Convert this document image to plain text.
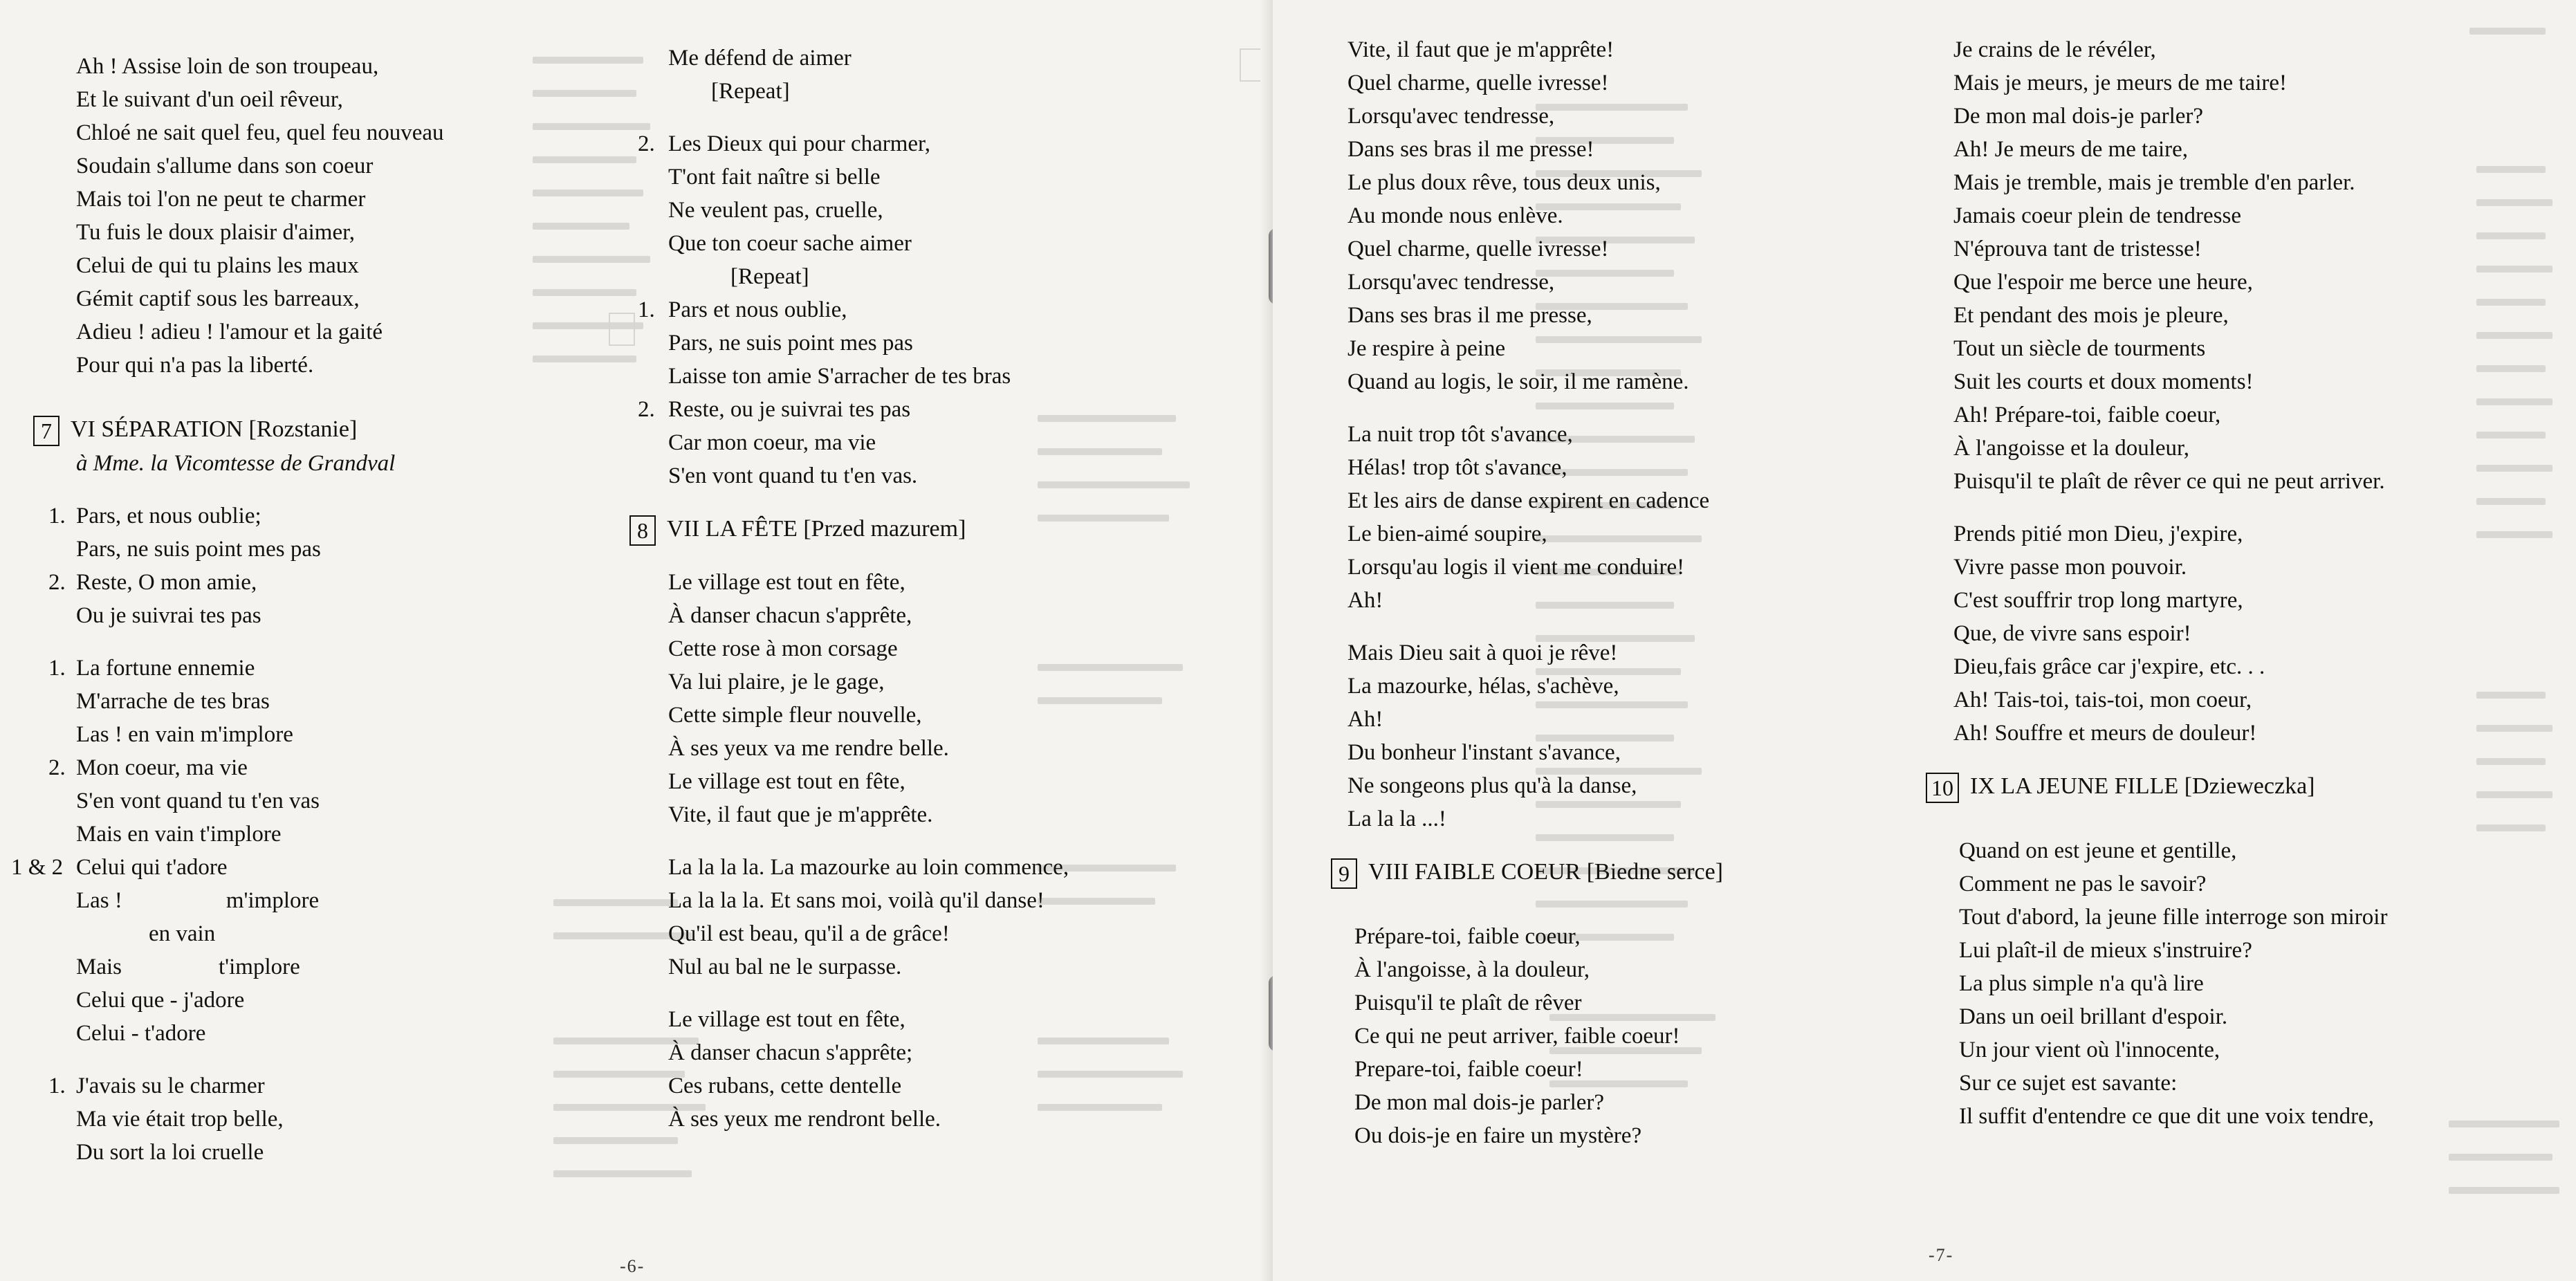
Ah ! Assise loin de son troupeau,
Et le suivant d'un oeil rêveur,
Chloé ne sait quel feu, quel feu nouveau
Soudain s'allume dans son coeur
Mais toi l'on ne peut te charmer
Tu fuis le doux plaisir d'aimer,
Celui de qui tu plains les maux
Gémit captif sous les barreaux,
Adieu ! adieu ! l'amour et la gaité
Pour qui n'a pas la liberté.
7 VI SÉPARATION [Rozstanie]
à Mme. la Vicomtesse de Grandval
1. Pars, et nous oublie;
Pars, ne suis point mes pas
2. Reste, O mon amie,
Ou je suivrai tes pas
1. La fortune ennemie
M'arrache de tes bras
Las ! en vain m'implore
2. Mon coeur, ma vie
S'en vont quand tu t'en vas
Mais en vain t'implore
1 & 2 Celui qui t'adore
Las !	m'implore
en vain
Mais	t'implore
Celui que - j'adore
Celui - t'adore
1. J'avais su le charmer
Ma vie était trop belle,
Du sort la loi cruelle
Me défend de aimer
[Repeat]
2. Les Dieux qui pour charmer,
T'ont fait naître si belle
Ne veulent pas, cruelle,
Que ton coeur sache aimer
[Repeat]
1. Pars et nous oublie,
Pars, ne suis point mes pas
Laisse ton amie S'arracher de tes bras
2. Reste, ou je suivrai tes pas
Car mon coeur, ma vie
S'en vont quand tu t'en vas.
8 VII LA FÊTE [Przed mazurem]
Le village est tout en fête,
À danser chacun s'apprête,
Cette rose à mon corsage
Va lui plaire, je le gage,
Cette simple fleur nouvelle,
À ses yeux va me rendre belle.
Le village est tout en fête,
Vite, il faut que je m'apprête.
La la la la. La mazourke au loin commence,
La la la la. Et sans moi, voilà qu'il danse!
Qu'il est beau, qu'il a de grâce!
Nul au bal ne le surpasse.
Le village est tout en fête,
À danser chacun s'apprête;
Ces rubans, cette dentelle
À ses yeux me rendront belle.
-6-
Vite, il faut que je m'apprête!
Quel charme, quelle ivresse!
Lorsqu'avec tendresse,
Dans ses bras il me presse!
Le plus doux rêve, tous deux unis,
Au monde nous enlève.
Quel charme, quelle ivresse!
Lorsqu'avec tendresse,
Dans ses bras il me presse,
Je respire à peine
Quand au logis, le soir, il me ramène.
La nuit trop tôt s'avance,
Hélas! trop tôt s'avance,
Et les airs de danse expirent en cadence
Le bien-aimé soupire,
Lorsqu'au logis il vient me conduire!
Ah!
Mais Dieu sait à quoi je rêve!
La mazourke, hélas, s'achève,
Ah!
Du bonheur l'instant s'avance,
Ne songeons plus qu'à la danse,
La la la ...!
9 VIII FAIBLE COEUR [Biedne serce]
Prépare-toi, faible coeur,
À l'angoisse, à la douleur,
Puisqu'il te plaît de rêver
Ce qui ne peut arriver, faible coeur!
Prepare-toi, faible coeur!
De mon mal dois-je parler?
Ou dois-je en faire un mystère?
Je crains de le révéler,
Mais je meurs, je meurs de me taire!
De mon mal dois-je parler?
Ah! Je meurs de me taire,
Mais je tremble, mais je tremble d'en parler.
Jamais coeur plein de tendresse
N'éprouva tant de tristesse!
Que l'espoir me berce une heure,
Et pendant des mois je pleure,
Tout un siècle de tourments
Suit les courts et doux moments!
Ah! Prépare-toi, faible coeur,
À l'angoisse et la douleur,
Puisqu'il te plaît de rêver ce qui ne peut arriver.
Prends pitié mon Dieu, j'expire,
Vivre passe mon pouvoir.
C'est souffrir trop long martyre,
Que, de vivre sans espoir!
Dieu,fais grâce car j'expire, etc. . .
Ah! Tais-toi, tais-toi, mon coeur,
Ah! Souffre et meurs de douleur!
10 IX LA JEUNE FILLE [Dzieweczka]
Quand on est jeune et gentille,
Comment ne pas le savoir?
Tout d'abord, la jeune fille interroge son miroir
Lui plaît-il de mieux s'instruire?
La plus simple n'a qu'à lire
Dans un oeil brillant d'espoir.
Un jour vient où l'innocente,
Sur ce sujet est savante:
Il suffit d'entendre ce que dit une voix tendre,
-7-
